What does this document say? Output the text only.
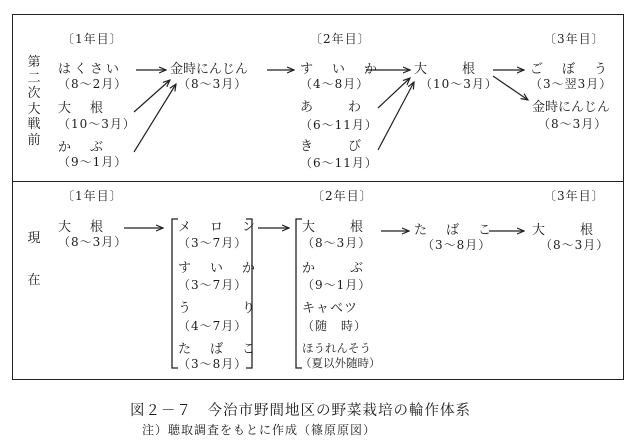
第
二
次
大
戦
前
〔1年目〕	〔2年目〕	〔3年目〕
はくさい
（8～2月）
大　根
（10～3月）
か　ぶ
（9～1月）
金時にんじん
（8～3月）
す　い　か
（4～8月）
あ　　わ
（6～11月）
き　　び
（6～11月）
大　　根
（10～3月）
ご　ぼ　う
（3～翌3月）
金時にんじん
（8～3月）
現
在
〔1年目〕	〔2年目〕	〔3年目〕
大　根
（8～3月）
メ　ロ　ン
（3～7月）
す　い　か
（3～7月）
う　　　り
（4～7月）
た　ば　こ
（3～8月）
大　　根
（8～3月）
か　　ぶ
（9～1月）
キャベツ
（随　時）
ほうれんそう
（夏以外随時）
た　ば　こ
（3～8月）
大　　根
（8～3月）
図２－７　今治市野間地区の野菜栽培の輪作体系
注）聴取調査をもとに作成（篠原原図）
